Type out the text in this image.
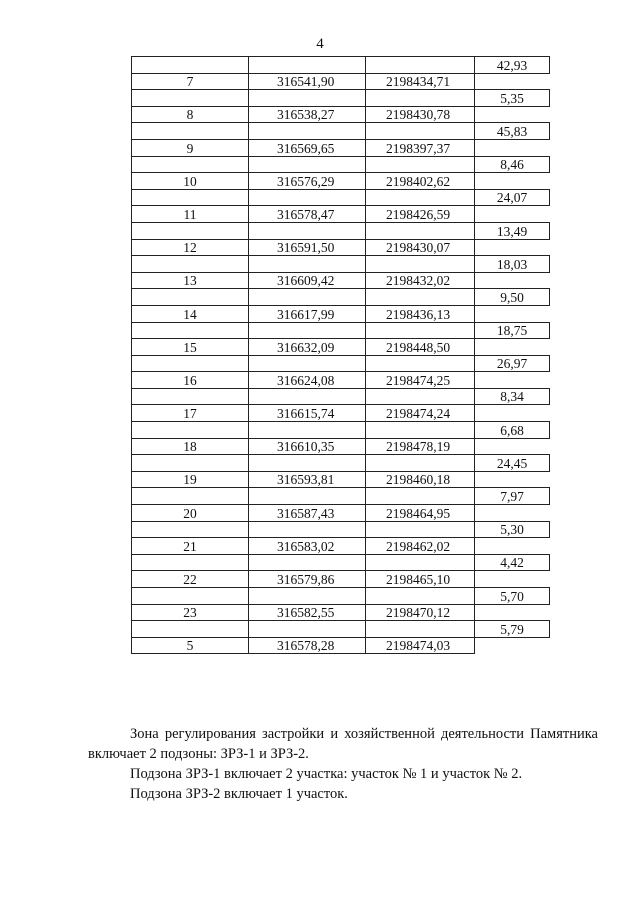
4
			42,93
7	316541,90	2198434,71	
			5,35
8	316538,27	2198430,78	
			45,83
9	316569,65	2198397,37	
			8,46
10	316576,29	2198402,62	
			24,07
11	316578,47	2198426,59	
			13,49
12	316591,50	2198430,07	
			18,03
13	316609,42	2198432,02	
			9,50
14	316617,99	2198436,13	
			18,75
15	316632,09	2198448,50	
			26,97
16	316624,08	2198474,25	
			8,34
17	316615,74	2198474,24	
			6,68
18	316610,35	2198478,19	
			24,45
19	316593,81	2198460,18	
			7,97
20	316587,43	2198464,95	
			5,30
21	316583,02	2198462,02	
			4,42
22	316579,86	2198465,10	
			5,70
23	316582,55	2198470,12	
			5,79
5	316578,28	2198474,03	

Зона регулирования застройки и хозяйственной деятельности Памятника включает 2 подзоны: ЗРЗ-1 и ЗРЗ-2.

Подзона ЗРЗ-1 включает 2 участка: участок № 1 и участок № 2.

Подзона ЗРЗ-2 включает 1 участок.
